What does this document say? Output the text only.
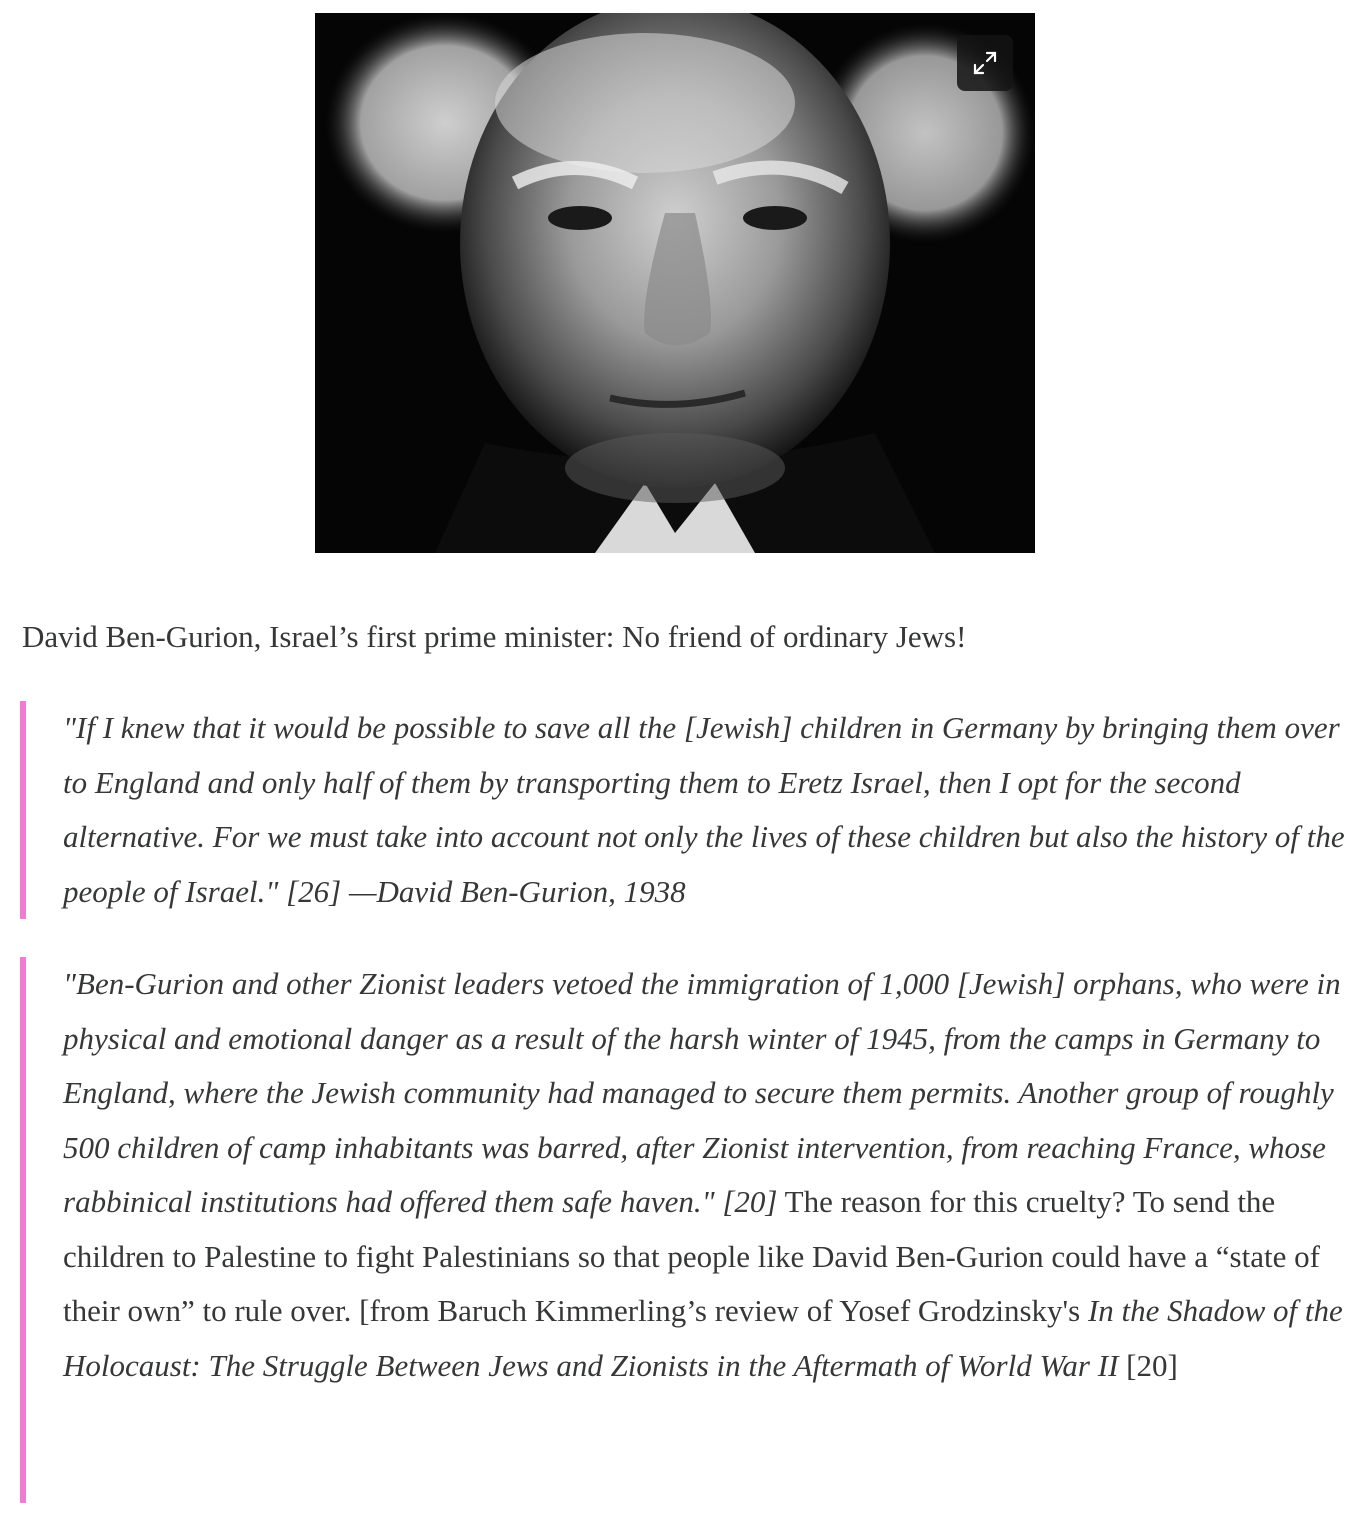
David Ben-Gurion, Israel’s first prime minister: No friend of ordinary Jews!

"If I knew that it would be possible to save all the [Jewish] children in Germany by bringing them over to England and only half of them by transporting them to Eretz Israel, then I opt for the second alternative. For we must take into account not only the lives of these children but also the history of the people of Israel." [26] —David Ben-Gurion, 1938

"Ben-Gurion and other Zionist leaders vetoed the immigration of 1,000 [Jewish] orphans, who were in physical and emotional danger as a result of the harsh winter of 1945, from the camps in Germany to England, where the Jewish community had managed to secure them permits. Another group of roughly 500 children of camp inhabitants was barred, after Zionist intervention, from reaching France, whose rabbinical institutions had offered them safe haven." [20] The reason for this cruelty? To send the children to Palestine to fight Palestinians so that people like David Ben-Gurion could have a “state of their own” to rule over. [from Baruch Kimmerling’s review of Yosef Grodzinsky's In the Shadow of the Holocaust: The Struggle Between Jews and Zionists in the Aftermath of World War II [20]
